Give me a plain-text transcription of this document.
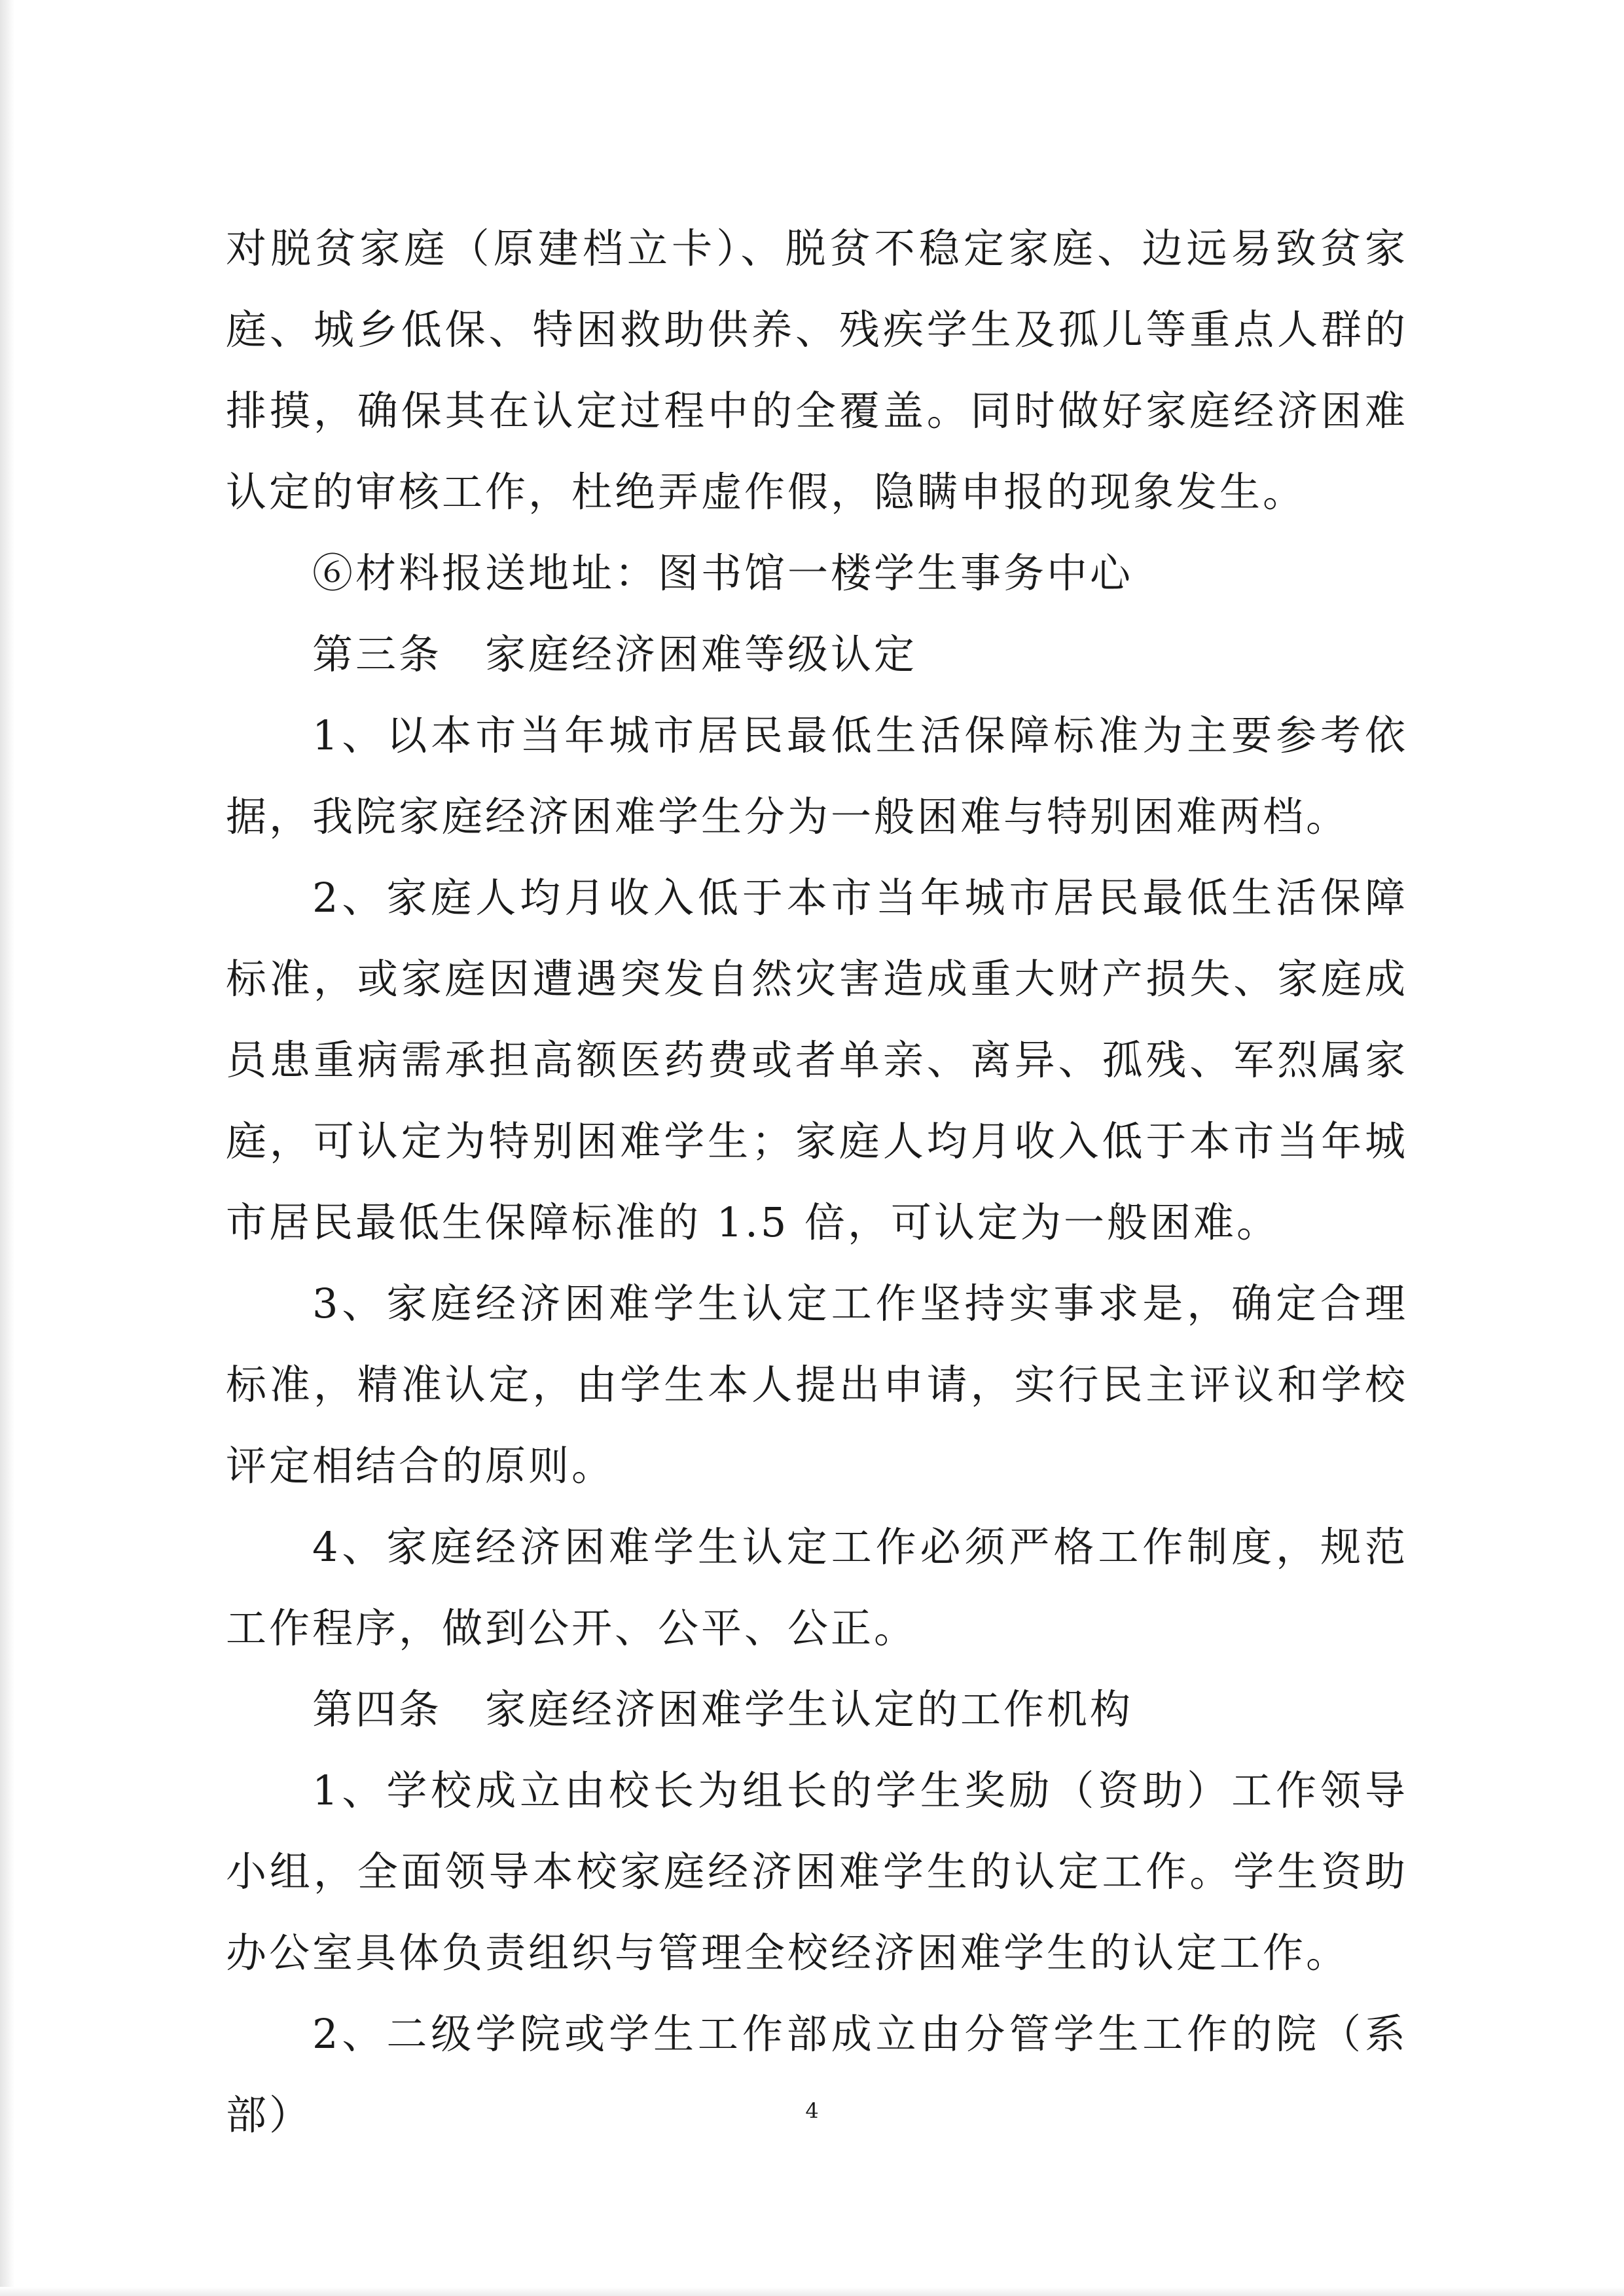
对脱贫家庭（原建档立卡）、脱贫不稳定家庭、边远易致贫家庭、城乡低保、特困救助供养、残疾学生及孤儿等重点人群的排摸，确保其在认定过程中的全覆盖。同时做好家庭经济困难认定的审核工作，杜绝弄虚作假，隐瞒申报的现象发生。

⑥材料报送地址：图书馆一楼学生事务中心

第三条　家庭经济困难等级认定

1、以本市当年城市居民最低生活保障标准为主要参考依据，我院家庭经济困难学生分为一般困难与特别困难两档。

2、家庭人均月收入低于本市当年城市居民最低生活保障标准，或家庭因遭遇突发自然灾害造成重大财产损失、家庭成员患重病需承担高额医药费或者单亲、离异、孤残、军烈属家庭，可认定为特别困难学生；家庭人均月收入低于本市当年城市居民最低生保障标准的 1.5 倍，可认定为一般困难。

3、家庭经济困难学生认定工作坚持实事求是，确定合理标准，精准认定，由学生本人提出申请，实行民主评议和学校评定相结合的原则。

4、家庭经济困难学生认定工作必须严格工作制度，规范工作程序，做到公开、公平、公正。

第四条　家庭经济困难学生认定的工作机构

1、学校成立由校长为组长的学生奖励（资助）工作领导小组，全面领导本校家庭经济困难学生的认定工作。学生资助办公室具体负责组织与管理全校经济困难学生的认定工作。

2、二级学院或学生工作部成立由分管学生工作的院（系部）	4
